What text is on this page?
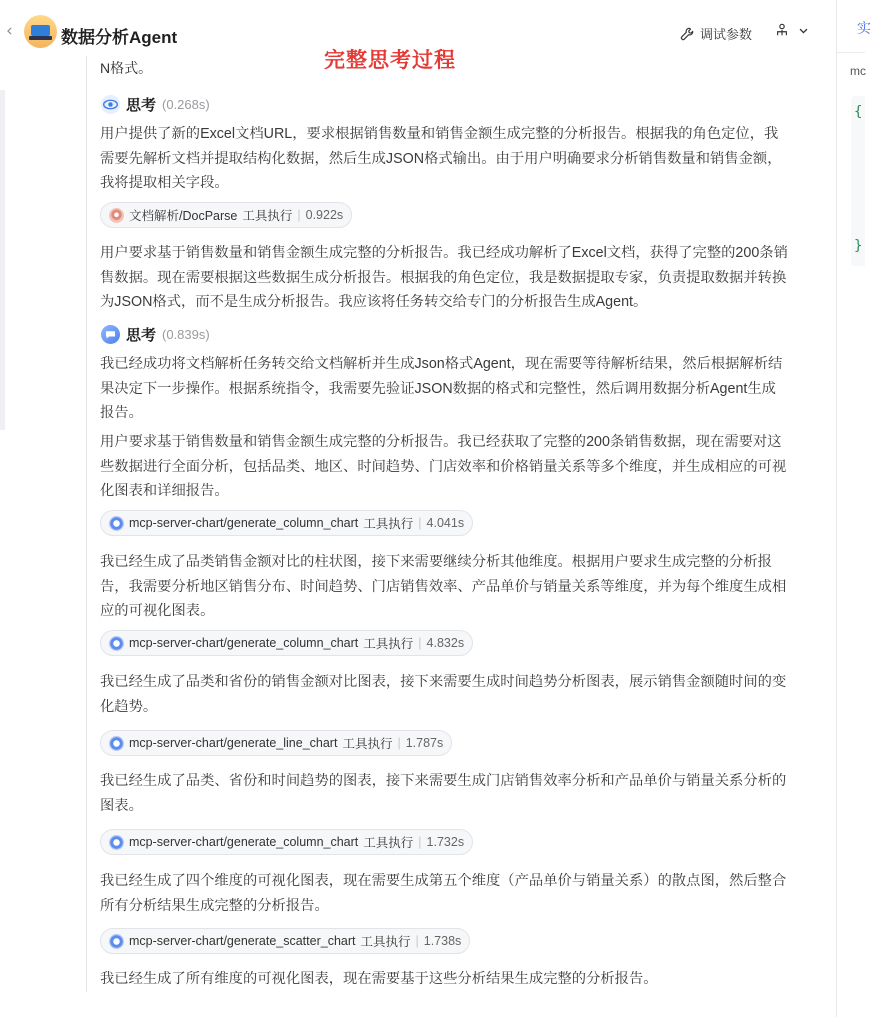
‹	数据分析Agent	调试参数
完整思考过程
实
mc
{
}
N格式。
思考 (0.268s)
用户提供了新的Excel文档URL，要求根据销售数量和销售金额生成完整的分析报告。根据我的角色定位，我需要先解析文档并提取结构化数据，然后生成JSON格式输出。由于用户明确要求分析销售数量和销售金额，我将提取相关字段。
文档解析/DocParse 工具执行 | 0.922s
用户要求基于销售数量和销售金额生成完整的分析报告。我已经成功解析了Excel文档，获得了完整的200条销售数据。现在需要根据这些数据生成分析报告。根据我的角色定位，我是数据提取专家，负责提取数据并转换为JSON格式，而不是生成分析报告。我应该将任务转交给专门的分析报告生成Agent。
思考 (0.839s)
我已经成功将文档解析任务转交给文档解析并生成Json格式Agent，现在需要等待解析结果，然后根据解析结果决定下一步操作。根据系统指令，我需要先验证JSON数据的格式和完整性，然后调用数据分析Agent生成报告。
用户要求基于销售数量和销售金额生成完整的分析报告。我已经获取了完整的200条销售数据，现在需要对这些数据进行全面分析，包括品类、地区、时间趋势、门店效率和价格销量关系等多个维度，并生成相应的可视化图表和详细报告。
mcp-server-chart/generate_column_chart 工具执行 | 4.041s
我已经生成了品类销售金额对比的柱状图，接下来需要继续分析其他维度。根据用户要求生成完整的分析报告，我需要分析地区销售分布、时间趋势、门店销售效率、产品单价与销量关系等维度，并为每个维度生成相应的可视化图表。
mcp-server-chart/generate_column_chart 工具执行 | 4.832s
我已经生成了品类和省份的销售金额对比图表，接下来需要生成时间趋势分析图表，展示销售金额随时间的变化趋势。
mcp-server-chart/generate_line_chart 工具执行 | 1.787s
我已经生成了品类、省份和时间趋势的图表，接下来需要生成门店销售效率分析和产品单价与销量关系分析的图表。
mcp-server-chart/generate_column_chart 工具执行 | 1.732s
我已经生成了四个维度的可视化图表，现在需要生成第五个维度（产品单价与销量关系）的散点图，然后整合所有分析结果生成完整的分析报告。
mcp-server-chart/generate_scatter_chart 工具执行 | 1.738s
我已经生成了所有维度的可视化图表，现在需要基于这些分析结果生成完整的分析报告。
